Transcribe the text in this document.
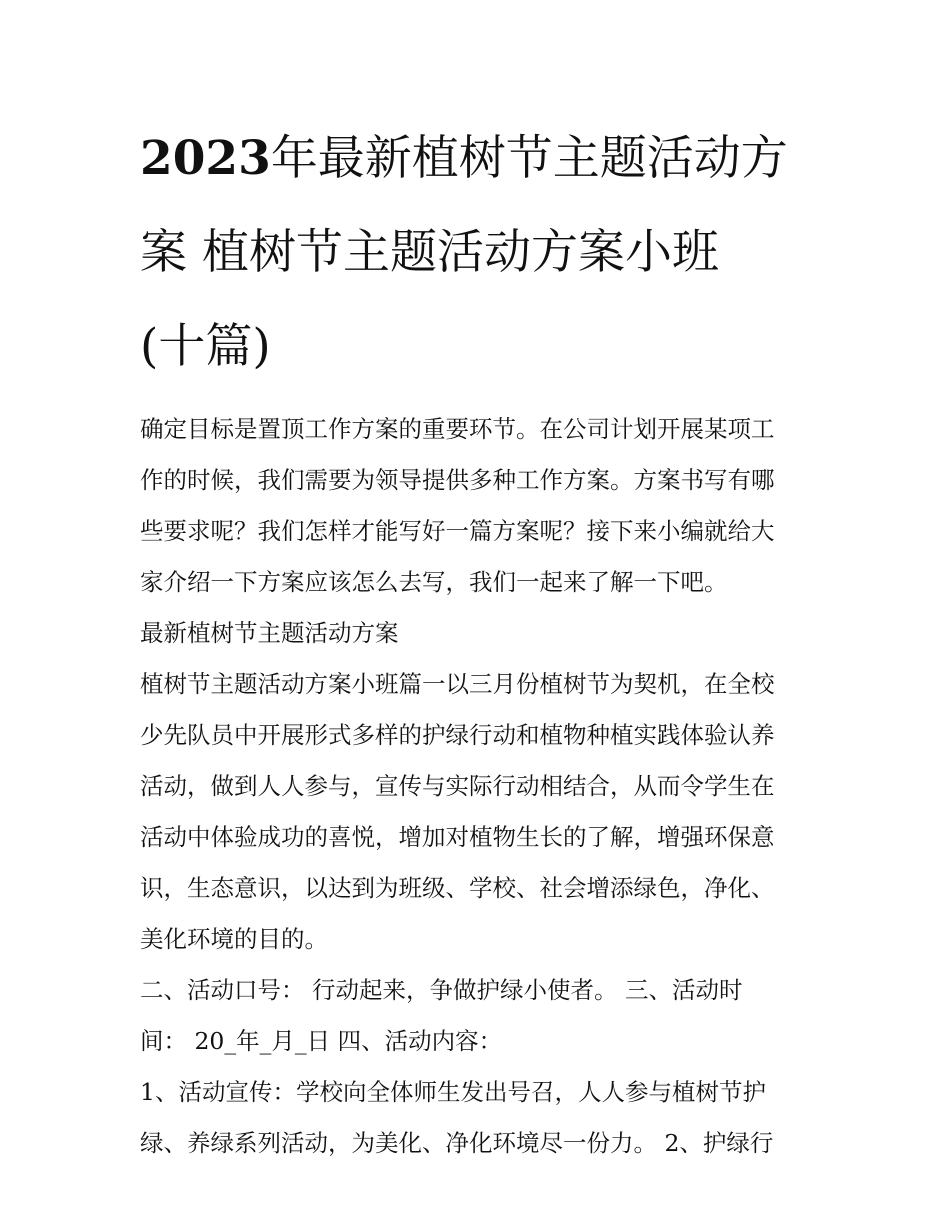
2023年最新植树节主题活动方
案 植树节主题活动方案小班
(十篇)

确定目标是置顶工作方案的重要环节。在公司计划开展某项工
作的时候，我们需要为领导提供多种工作方案。方案书写有哪
些要求呢？我们怎样才能写好一篇方案呢？接下来小编就给大
家介绍一下方案应该怎么去写，我们一起来了解一下吧。

最新植树节主题活动方案

植树节主题活动方案小班篇一以三月份植树节为契机，在全校
少先队员中开展形式多样的护绿行动和植物种植实践体验认养
活动，做到人人参与，宣传与实际行动相结合，从而令学生在
活动中体验成功的喜悦，增加对植物生长的了解，增强环保意
识，生态意识，以达到为班级、学校、社会增添绿色，净化、
美化环境的目的。
二、活动口号： 行动起来，争做护绿小使者。 三、活动时
间： 20_年_月_日 四、活动内容：
1、活动宣传：学校向全体师生发出号召，人人参与植树节护
绿、养绿系列活动，为美化、净化环境尽一份力。 2、护绿行
